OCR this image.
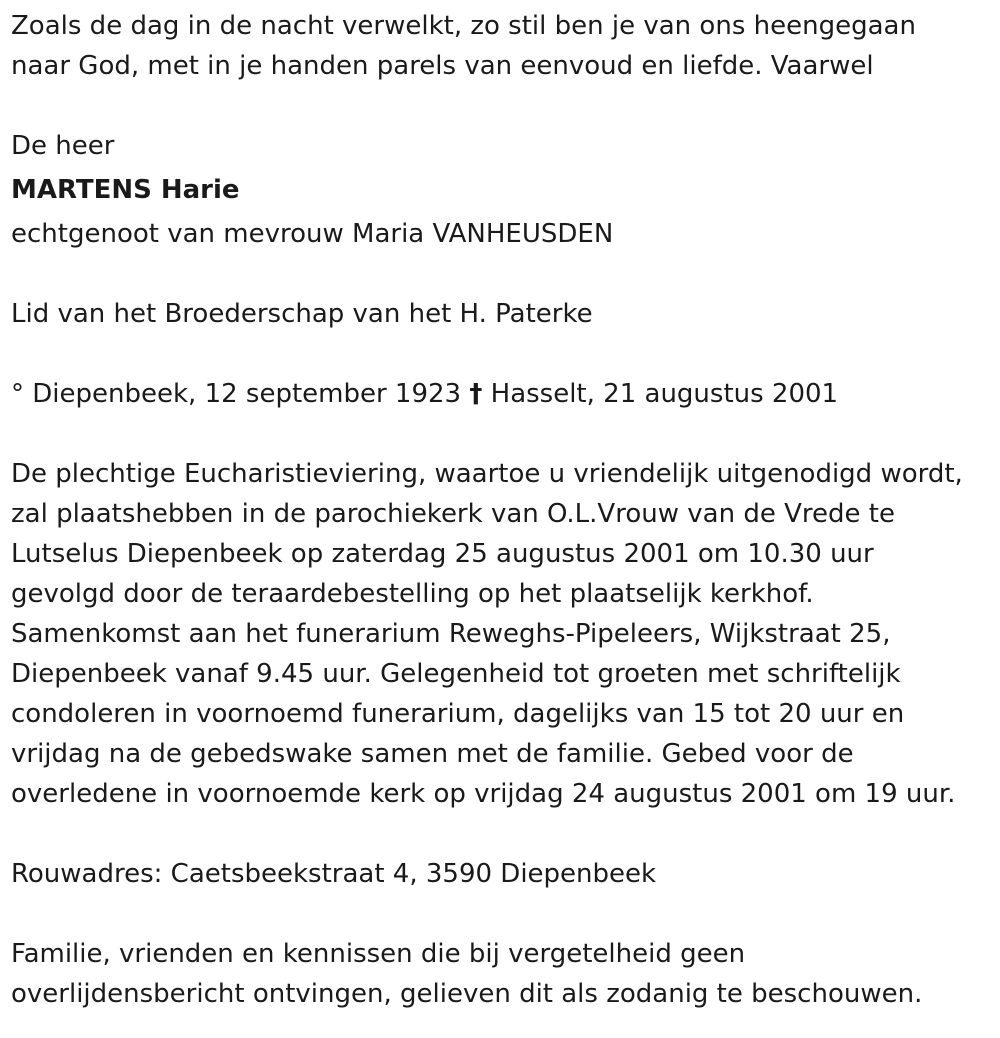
Zoals de dag in de nacht verwelkt, zo stil ben je van ons heengegaan

naar God, met in je handen parels van eenvoud en liefde. Vaarwel

De heer

MARTENS Harie

echtgenoot van mevrouw Maria VANHEUSDEN

Lid van het Broederschap van het H. Paterke

° Diepenbeek, 12 september 1923 † Hasselt, 21 augustus 2001

De plechtige Eucharistieviering, waartoe u vriendelijk uitgenodigd wordt,

zal plaatshebben in de parochiekerk van O.L.Vrouw van de Vrede te

Lutselus Diepenbeek op zaterdag 25 augustus 2001 om 10.30 uur

gevolgd door de teraardebestelling op het plaatselijk kerkhof.

Samenkomst aan het funerarium Reweghs-Pipeleers, Wijkstraat 25,

Diepenbeek vanaf 9.45 uur. Gelegenheid tot groeten met schriftelijk

condoleren in voornoemd funerarium, dagelijks van 15 tot 20 uur en

vrijdag na de gebedswake samen met de familie. Gebed voor de

overledene in voornoemde kerk op vrijdag 24 augustus 2001 om 19 uur.

Rouwadres: Caetsbeekstraat 4, 3590 Diepenbeek

Familie, vrienden en kennissen die bij vergetelheid geen

overlijdensbericht ontvingen, gelieven dit als zodanig te beschouwen.
